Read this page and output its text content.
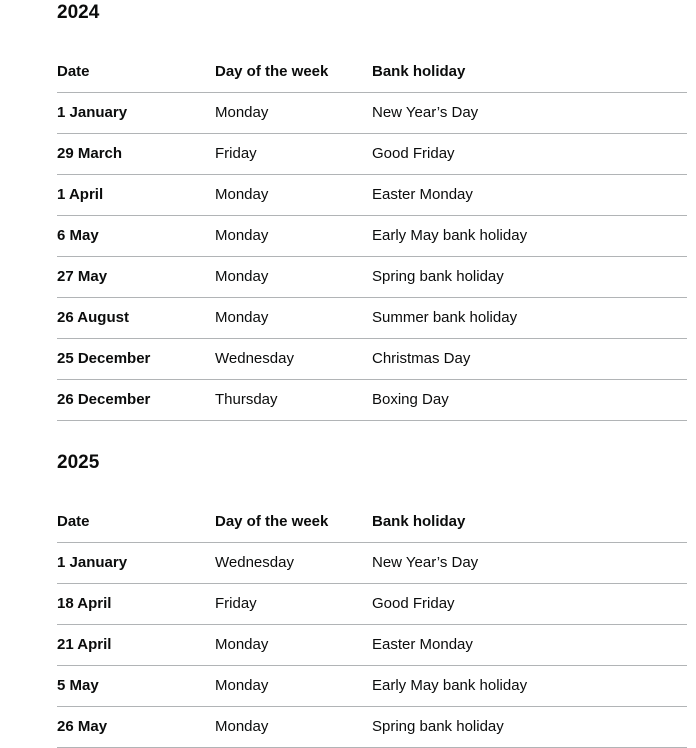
2024
Date	Day of the week	Bank holiday
1 January	Monday	New Year’s Day
29 March	Friday	Good Friday
1 April	Monday	Easter Monday
6 May	Monday	Early May bank holiday
27 May	Monday	Spring bank holiday
26 August	Monday	Summer bank holiday
25 December	Wednesday	Christmas Day
26 December	Thursday	Boxing Day
2025
Date	Day of the week	Bank holiday
1 January	Wednesday	New Year’s Day
18 April	Friday	Good Friday
21 April	Monday	Easter Monday
5 May	Monday	Early May bank holiday
26 May	Monday	Spring bank holiday
